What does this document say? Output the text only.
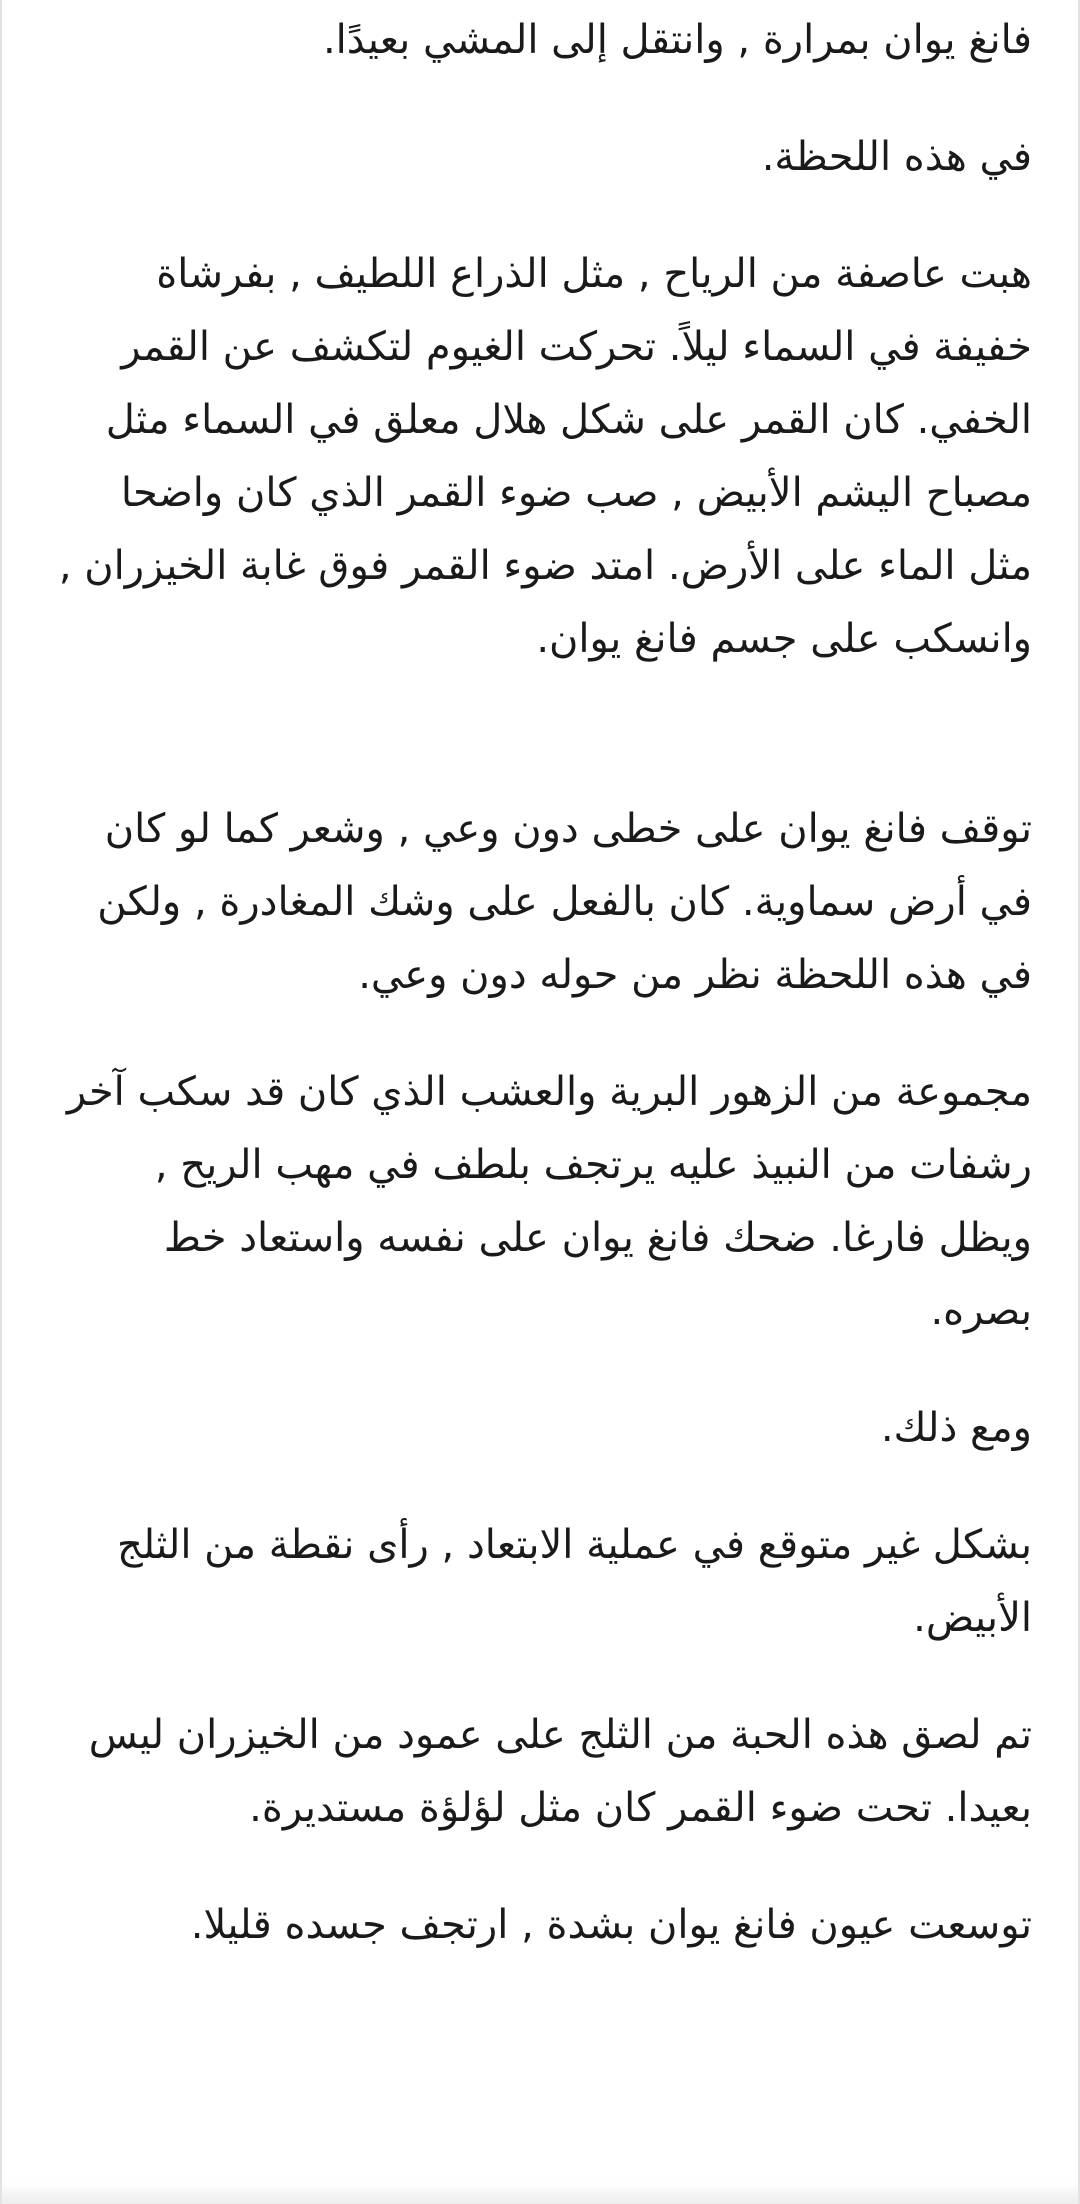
فانغ يوان بمرارة , وانتقل إلى المشي بعيدًا.

في هذه اللحظة.

هبت عاصفة من الرياح , مثل الذراع اللطيف , بفرشاة خفيفة في السماء ليلاً. تحركت الغيوم لتكشف عن القمر الخفي. كان القمر على شكل هلال معلق في السماء مثل مصباح اليشم الأبيض , صب ضوء القمر الذي كان واضحا مثل الماء على الأرض. امتد ضوء القمر فوق غابة الخيزران , وانسكب على جسم فانغ يوان.

توقف فانغ يوان على خطى دون وعي , وشعر كما لو كان في أرض سماوية. كان بالفعل على وشك المغادرة , ولكن في هذه اللحظة نظر من حوله دون وعي.

مجموعة من الزهور البرية والعشب الذي كان قد سكب آخر رشفات من النبيذ عليه يرتجف بلطف في مهب الريح , ويظل فارغا. ضحك فانغ يوان على نفسه واستعاد خط بصره.

ومع ذلك.

بشكل غير متوقع في عملية الابتعاد , رأى نقطة من الثلج الأبيض.

تم لصق هذه الحبة من الثلج على عمود من الخيزران ليس بعيدا. تحت ضوء القمر كان مثل لؤلؤة مستديرة.

توسعت عيون فانغ يوان بشدة , ارتجف جسده قليلا.
